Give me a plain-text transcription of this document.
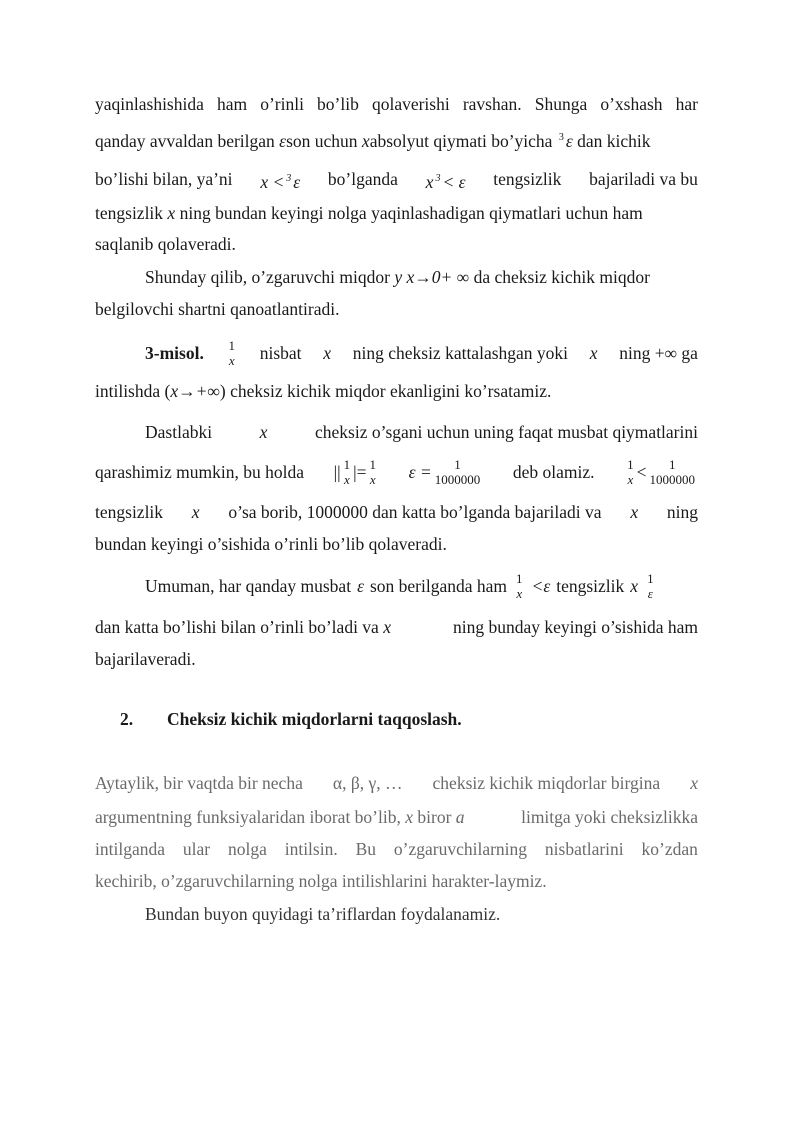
yaqinlashishida ham o’rinli bo’lib qolaverishi ravshan. Shunga o’xshash har
qanday avvaldan berilgan εson uchun xabsolyut qiymati bo’yicha $^3$ ε dan kichik
bo’lishi bilan, ya’ni x < $^3$ ε bo’lganda x $^3$ < ε tengsizlik bajariladi va bu
tengsizlik x ning bundan keyingi nolga yaqinlashadigan qiymatlari uchun ham
saqlanib qolaveradi.
Shunday qilib, o’zgaruvchi miqdor y x→0+ ∞ da cheksiz kichik miqdor
belgilovchi shartni qanoatlantiradi.
3-misol. 1
x nisbat x ning cheksiz kattalashgan yoki x ning +∞ ga
intilishda (x→+∞) cheksiz kichik miqdor ekanligini ko’rsatamiz.
Dastlabki	x	cheksiz o’sgani uchun uning faqat musbat qiymatlarini
qarashimiz mumkin, bu holda || 1
x |= 1
x ε = 1
1000000 deb olamiz.	1
x < 1
1000000
tengsizlik x o’sa borib, 1000000 dan katta bo’lganda bajariladi va x ning
bundan keyingi o’sishida o’rinli bo’lib qolaveradi.
Umuman, har qanday musbat ε son berilganda ham 1
x <ε tengsizlik x 1
ε
dan katta bo’lishi bilan o’rinli bo’ladi va x	ning bunday keyingi o’sishida ham
bajarilaveradi.
2. Cheksiz kichik miqdorlarni taqqoslash.
Aytaylik, bir vaqtda bir necha α, β, γ, … cheksiz kichik miqdorlar birgina x
argumentning funksiyalaridan iborat bo’lib, x biror a	limitga yoki cheksizlikka
intilganda ular nolga intilsin. Bu o’zgaruvchilarning nisbatlarini ko’zdan
kechirib, o’zgaruvchilarning nolga intilishlarini harakter-laymiz.
Bundan buyon quyidagi ta’riflardan foydalanamiz.
